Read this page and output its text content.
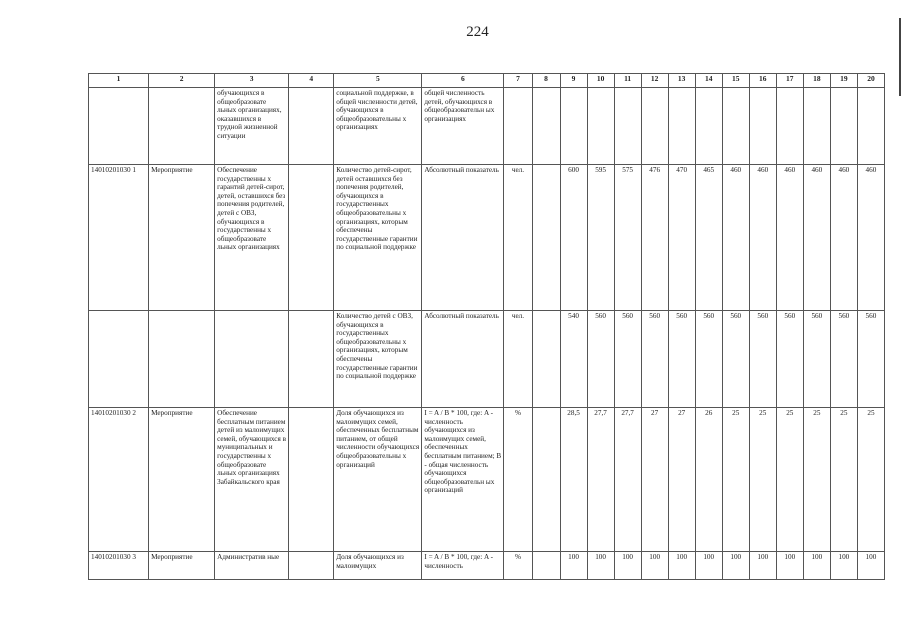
224
1	2	3	4	5	6	7	8	9	10	11	12	13	14	15	16	17	18	19	20
		обучающихся в общеобразовате льных организациях, оказавшихся в трудной жизненной ситуации		социальной поддержке, в общей численности детей, обучающихся в общеобразовательны х организациях	общей численность детей, обучающихся в общеобразовательн ых организациях														
14010201030 1	Мероприятие	Обеспечение государственны х гарантий детей-сирот, детей, оставшихся без попечения родителей, детей с ОВЗ, обучающихся в государственны х общеобразовате льных организациях		Количество детей-сирот, детей оставшихся без попечения родителей, обучающихся в государственных общеобразовательны х организациях, которым обеспечены государственные гарантии по социальной поддержке	Абсолютный показатель	чел.		600	595	575	476	470	465	460	460	460	460	460	460
				Количество детей с ОВЗ, обучающихся в государственных общеобразовательны х организациях, которым обеспечены государственные гарантии по социальной поддержке	Абсолютный показатель	чел.		540	560	560	560	560	560	560	560	560	560	560	560
14010201030 2	Мероприятие	Обеспечение бесплатным питанием детей из малоимущих семей, обучающихся в муниципальных и государственны х общеобразовате льных организациях Забайкальского края		Доля обучающихся из малоимущих семей, обеспеченных бесплатным питанием, от общей численности обучающихся общеобразовательны х организаций	I = A / B * 100, где: A - численность обучающихся из малоимущих семей, обеспеченных бесплатным питанием; B - общая численность обучающихся общеобразовательн ых организаций	%		28,5	27,7	27,7	27	27	26	25	25	25	25	25	25
14010201030 3	Мероприятие	Административ ные		Доля обучающихся из малоимущих	I = A / B * 100, где: A - численность	%		100	100	100	100	100	100	100	100	100	100	100	100
